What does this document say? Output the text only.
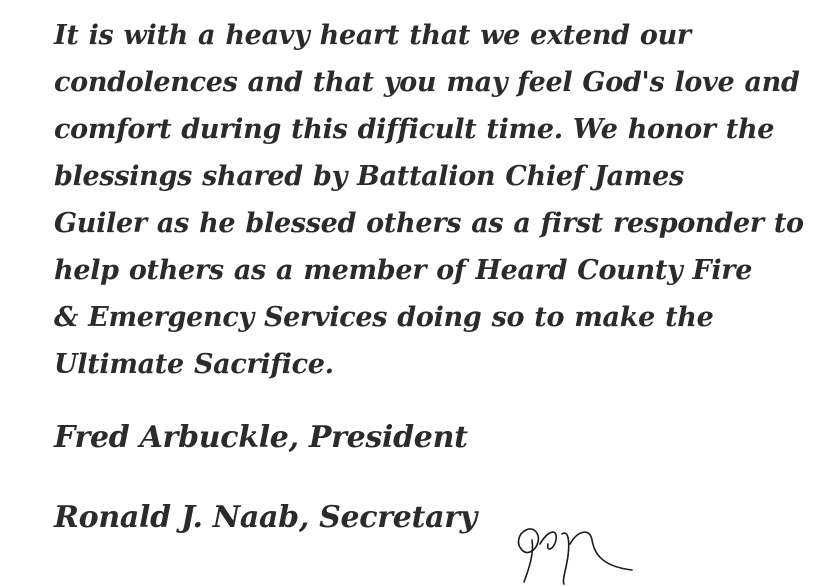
It is with a heavy heart that we extend our
condolences and that you may feel God's love and
comfort during this difficult time. We honor the
blessings shared by Battalion Chief James
Guiler as he blessed others as a first responder to
help others as a member of Heard County Fire
& Emergency Services doing so to make the
Ultimate Sacrifice.

Fred Arbuckle, President
Ronald J. Naab, Secretary
